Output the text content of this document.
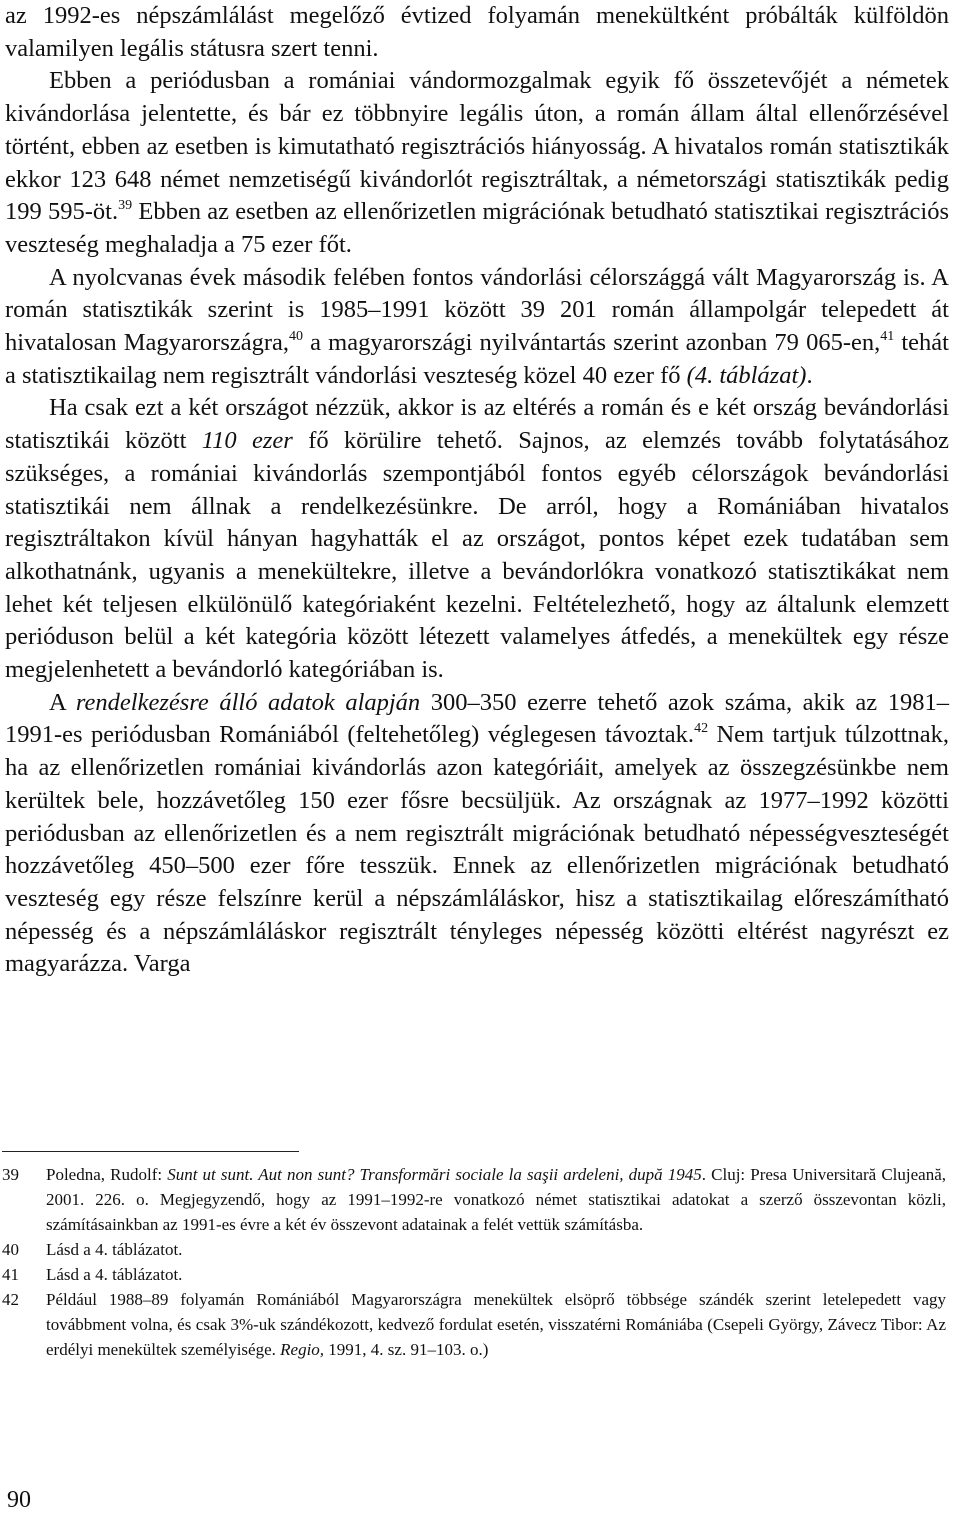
az 1992-es népszámlálást megelőző évtized folyamán menekültként próbálták külföldön valamilyen legális státusra szert tenni.

Ebben a periódusban a romániai vándormozgalmak egyik fő összetevőjét a németek kivándorlása jelentette, és bár ez többnyire legális úton, a román állam által ellenőrzésével történt, ebben az esetben is kimutatható regisztrációs hiányosság. A hivatalos román statisztikák ekkor 123 648 német nemzetiségű kivándorlót regisztráltak, a németországi statisztikák pedig 199 595-öt.$^{39}$ Ebben az esetben az ellenőrizetlen migrációnak betudható statisztikai regisztrációs veszteség meghaladja a 75 ezer főt.

A nyolcvanas évek második felében fontos vándorlási célországgá vált Magyarország is. A román statisztikák szerint is 1985–1991 között 39 201 román állampolgár telepedett át hivatalosan Magyarországra,$^{40}$ a magyarországi nyilvántartás szerint azonban 79 065-en,$^{41}$ tehát a statisztikailag nem regisztrált vándorlási veszteség közel 40 ezer fő (4. táblázat).

Ha csak ezt a két országot nézzük, akkor is az eltérés a román és e két ország bevándorlási statisztikái között 110 ezer fő körülire tehető. Sajnos, az elemzés tovább folytatásához szükséges, a romániai kivándorlás szempontjából fontos egyéb célországok bevándorlási statisztikái nem állnak a rendelkezésünkre. De arról, hogy a Romániában hivatalos regisztráltakon kívül hányan hagyhatták el az országot, pontos képet ezek tudatában sem alkothatnánk, ugyanis a menekültekre, illetve a bevándorlókra vonatkozó statisztikákat nem lehet két teljesen elkülönülő kategóriaként kezelni. Feltételezhető, hogy az általunk elemzett perióduson belül a két kategória között létezett valamelyes átfedés, a menekültek egy része megjelenhetett a bevándorló kategóriában is.

A rendelkezésre álló adatok alapján 300–350 ezerre tehető azok száma, akik az 1981–1991-es periódusban Romániából (feltehetőleg) véglegesen távoztak.$^{42}$ Nem tartjuk túlzottnak, ha az ellenőrizetlen romániai kivándorlás azon kategóriáit, amelyek az összegzésünkbe nem kerültek bele, hozzávetőleg 150 ezer fősre becsüljük. Az országnak az 1977–1992 közötti periódusban az ellenőrizetlen és a nem regisztrált migrációnak betudható népességveszteségét hozzávetőleg 450–500 ezer főre tesszük. Ennek az ellenőrizetlen migrációnak betudható veszteség egy része felszínre kerül a népszámláláskor, hisz a statisztikailag előreszámítható népesség és a népszámláláskor regisztrált tényleges népesség közötti eltérést nagyrészt ez magyarázza. Varga

39	Poledna, Rudolf: Sunt ut sunt. Aut non sunt? Transformări sociale la saşii ardeleni, după 1945. Cluj: Presa Universitară Clujeană, 2001. 226. o. Megjegyzendő, hogy az 1991–1992-re vonatkozó német statisztikai adatokat a szerző összevontan közli, számításainkban az 1991-es évre a két év összevont adatainak a felét vettük számításba.
40	Lásd a 4. táblázatot.
41	Lásd a 4. táblázatot.
42	Például 1988–89 folyamán Romániából Magyarországra menekültek elsöprő többsége szándék szerint letelepedett vagy továbbment volna, és csak 3%-uk szándékozott, kedvező fordulat esetén, visszatérni Romániába (Csepeli György, Závecz Tibor: Az erdélyi menekültek személyisége. Regio, 1991, 4. sz. 91–103. o.)
90
